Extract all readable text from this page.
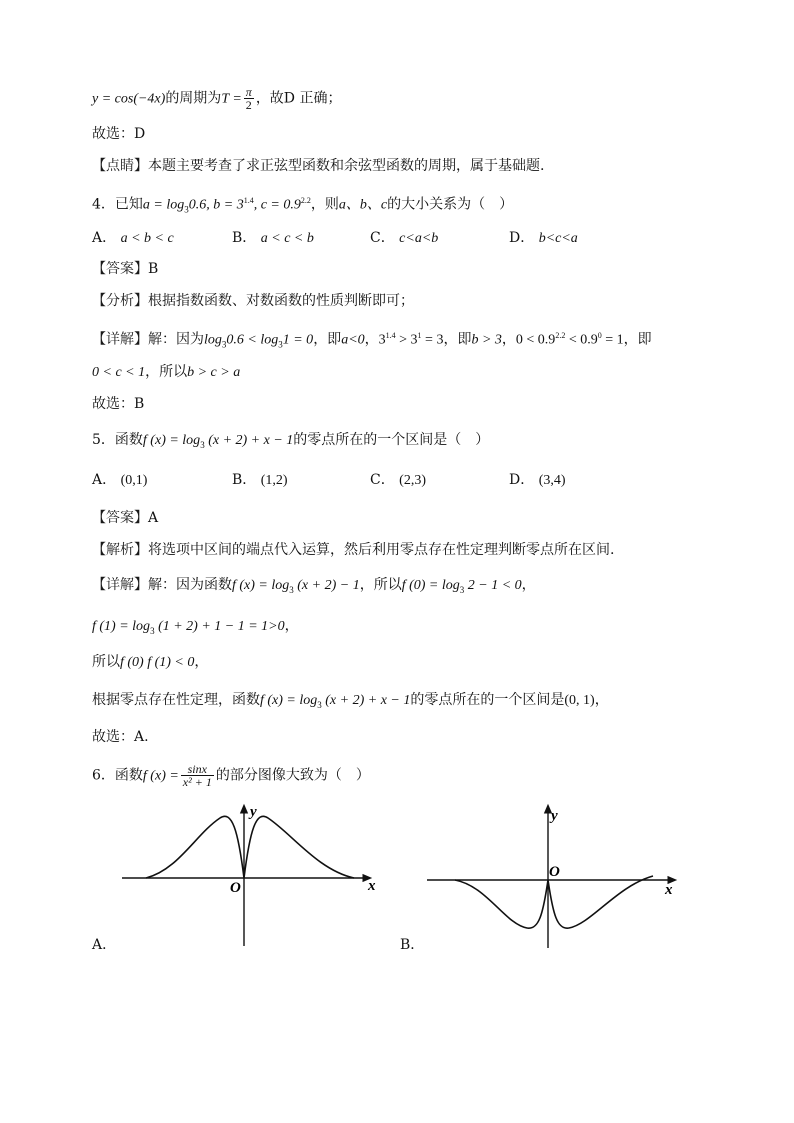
y = cos(−4x)的周期为$T = \frac{\pi}{2}$ ，故D 正确；
故选：D
【点睛】本题主要考查了求正弦型函数和余弦型函数的周期，属于基础题.
4．已知$a = \log_30.6$, $b = 3^{1.4}$, $c = 0.9^{2.2}$，则a、b、c的大小关系为（　）
A． a < b < c	B． a < c < b	C． c<a<b	D． b<c<a
【答案】B
【分析】根据指数函数、对数函数的性质判断即可；
【详解】解：因为$\log_30.6 < \log_31 = 0$，即a<0，$3^{1.4} > 3^1 = 3$，即b > 3，$0 < 0.9^{2.2} < 0.9^0 = 1$，即
0 < c < 1，所以b > c > a
故选：B
5．函数f $(x) = \log_3 (x + 2) + x - 1$的零点所在的一个区间是（　）
A． (0,1)	B． (1,2)	C． (2,3)	D． (3,4)
【答案】A
【解析】将选项中区间的端点代入运算，然后利用零点存在性定理判断零点所在区间.
【详解】解：因为函数f $(x) = \log_3 (x + 2) - 1$，所以f $(0) = \log_3 2 - 1 < 0$，
f $(1) = \log_3 (1 + 2) + 1 - 1 = 1>0$，
所以f (0) f (1) < 0，
根据零点存在性定理，函数f $(x) = \log_3 (x + 2) + x - 1$的零点所在的一个区间是(0, 1)，
故选：A.
6．函数f $(x) = \frac{\sin x}{\text{x² + 1}}$ 的部分图像大致为（　）
y
x
O
A．
y
x
O
B．
